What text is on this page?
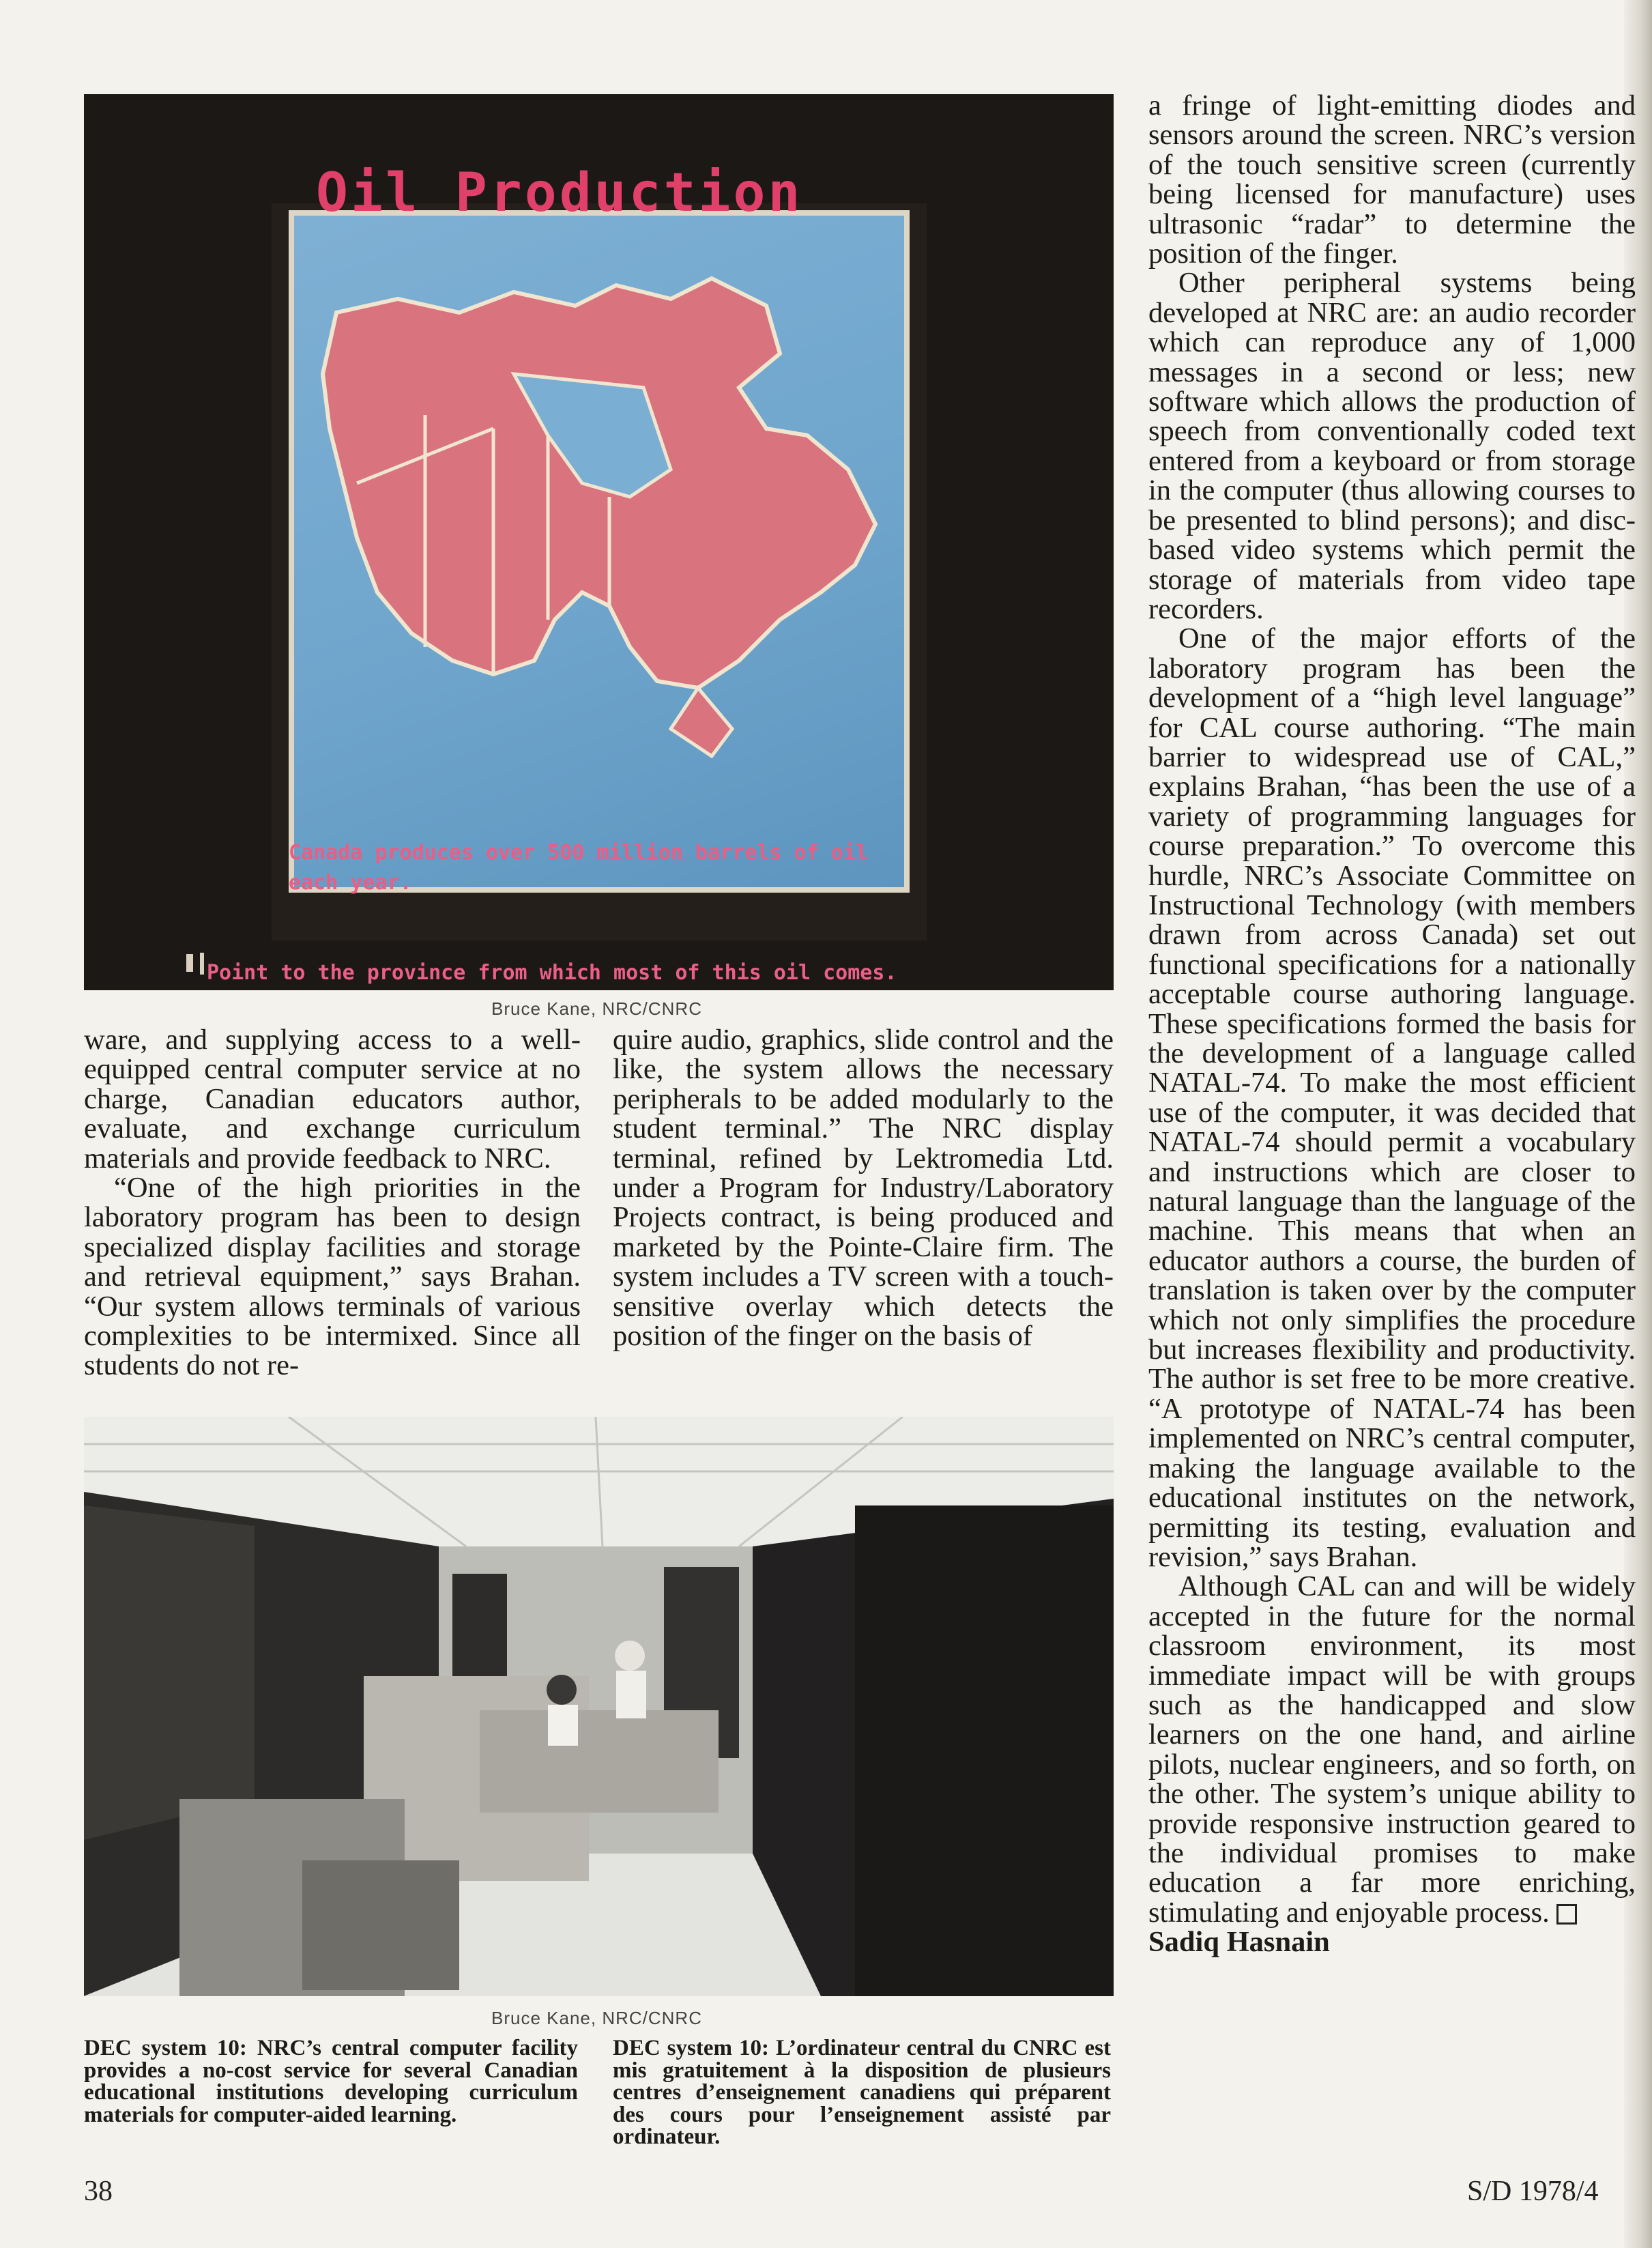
Oil Production
Canada produces over 500 million barrels of oil each year.
Point to the province from which most of this oil comes.
Bruce Kane, NRC/CNRC

ware, and supplying access to a well-equipped central computer service at no charge, Canadian educators author, evaluate, and exchange curriculum materials and provide feedback to NRC.

“One of the high priorities in the laboratory program has been to design specialized display facilities and storage and retrieval equipment,” says Brahan. “Our system allows terminals of various complexities to be intermixed. Since all students do not re-

quire audio, graphics, slide control and the like, the system allows the necessary peripherals to be added modularly to the student terminal.” The NRC display terminal, refined by Lektromedia Ltd. under a Program for Industry/Laboratory Projects contract, is being produced and marketed by the Pointe-Claire firm. The system includes a TV screen with a touch-sensitive overlay which detects the position of the finger on the basis of

a fringe of light-emitting diodes and sensors around the screen. NRC’s version of the touch sensitive screen (currently being licensed for manufacture) uses ultrasonic “radar” to determine the position of the finger.

Other peripheral systems being developed at NRC are: an audio recorder which can reproduce any of 1,000 messages in a second or less; new software which allows the production of speech from conventionally coded text entered from a keyboard or from storage in the computer (thus allowing courses to be presented to blind persons); and disc-based video systems which permit the storage of materials from video tape recorders.

One of the major efforts of the laboratory program has been the development of a “high level language” for CAL course authoring. “The main barrier to widespread use of CAL,” explains Brahan, “has been the use of a variety of programming languages for course preparation.” To overcome this hurdle, NRC’s Associate Committee on Instructional Technology (with members drawn from across Canada) set out functional specifications for a nationally acceptable course authoring language. These specifications formed the basis for the development of a language called NATAL-74. To make the most efficient use of the computer, it was decided that NATAL-74 should permit a vocabulary and instructions which are closer to natural language than the language of the machine. This means that when an educator authors a course, the burden of translation is taken over by the computer which not only simplifies the procedure but increases flexibility and productivity. The author is set free to be more creative. “A prototype of NATAL-74 has been implemented on NRC’s central computer, making the language available to the educational institutes on the network, permitting its testing, evaluation and revision,” says Brahan.

Although CAL can and will be widely accepted in the future for the normal classroom environment, its most immediate impact will be with groups such as the handicapped and slow learners on the one hand, and airline pilots, nuclear engineers, and so forth, on the other. The system’s unique ability to provide responsive instruction geared to the individual promises to make education a far more enriching, stimulating and enjoyable process.

Sadiq Hasnain

Bruce Kane, NRC/CNRC
DEC system 10: NRC’s central computer facility provides a no-cost service for several Canadian educational institutions developing curriculum materials for computer-aided learning.
DEC system 10: L’ordinateur central du CNRC est mis gratuitement à la disposition de plusieurs centres d’enseignement canadiens qui préparent des cours pour l’enseignement assisté par ordinateur.
38	S/D 1978/4
